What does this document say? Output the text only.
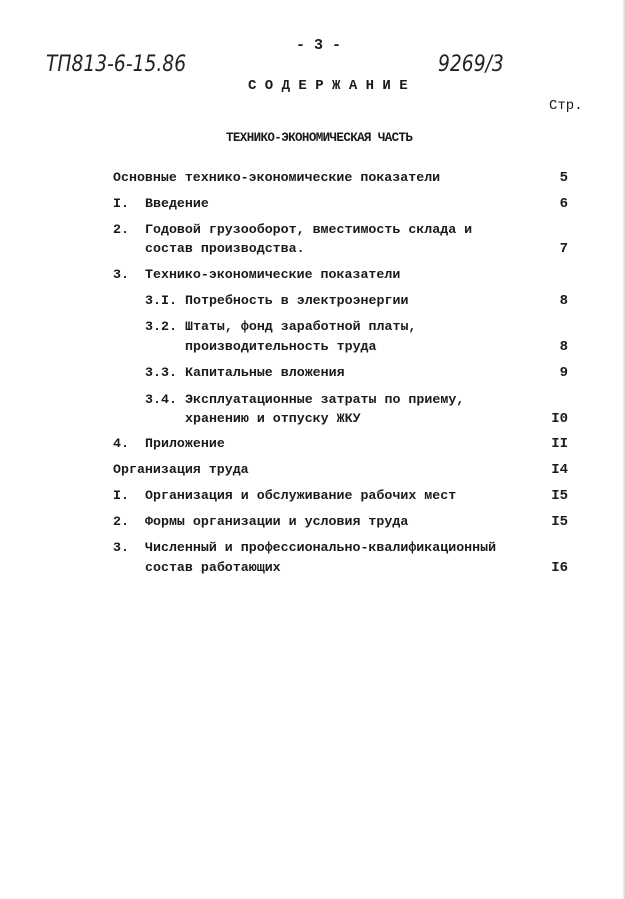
- 3 -
ТП813-6-15.86	9269/3
С О Д Е Р Ж А Н И Е
Стр.
ТЕХНИКО-ЭКОНОМИЧЕСКАЯ ЧАСТЬ
Основные технико-экономические показатели	5
I. Введение	6
2. Годовой грузооборот, вместимость склада и
состав производства.	7
3. Технико-экономические показатели
3.I. Потребность в электроэнергии	8
3.2. Штаты, фонд заработной платы,
производительность труда	8
3.3. Капитальные вложения	9
3.4. Эксплуатационные затраты по приему,
хранению и отпуску ЖКУ	I0
4. Приложение	II
Организация труда	I4
I. Организация и обслуживание рабочих мест	I5
2. Формы организации и условия труда	I5
3. Численный и профессионально-квалификационный
состав работающих	I6
